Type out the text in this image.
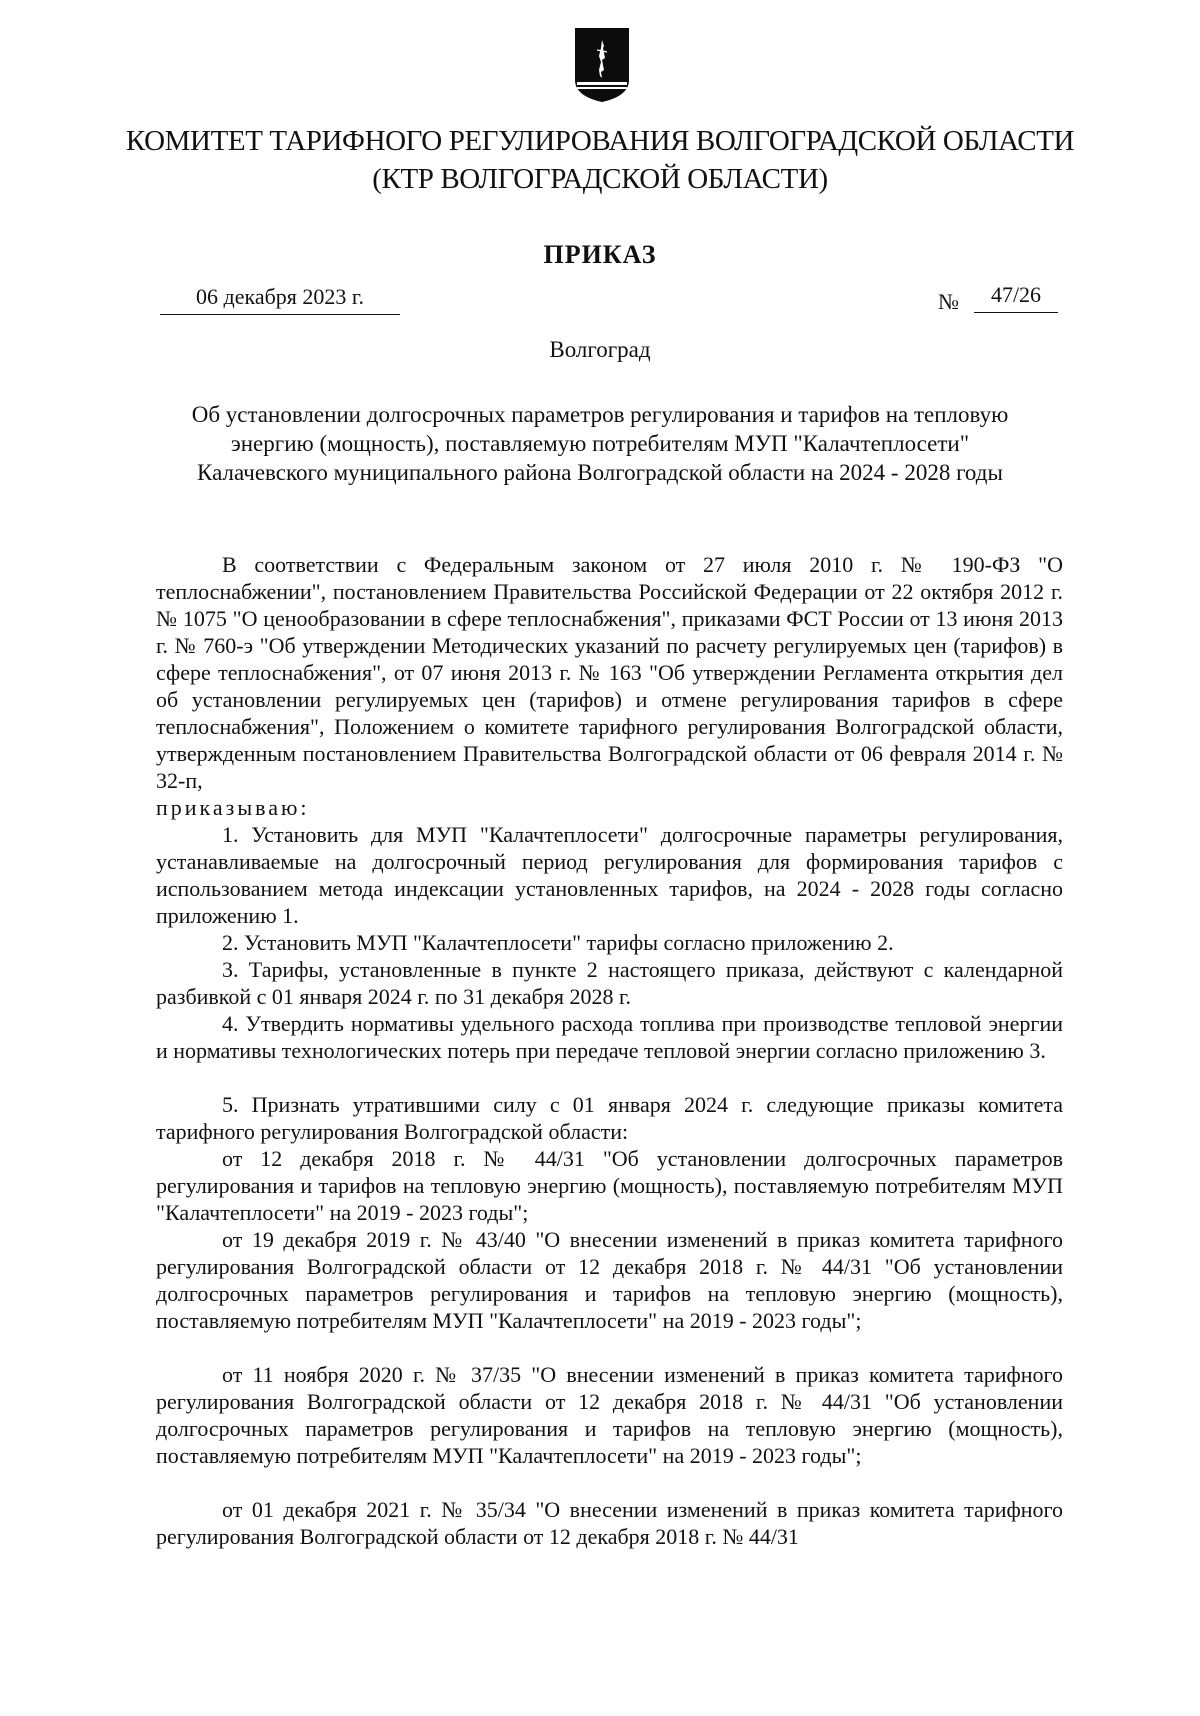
КОМИТЕТ ТАРИФНОГО РЕГУЛИРОВАНИЯ ВОЛГОГРАДСКОЙ ОБЛАСТИ
(КТР ВОЛГОГРАДСКОЙ ОБЛАСТИ)
ПРИКАЗ
06 декабря 2023 г.	№	47/26
Волгоград
Об установлении долгосрочных параметров регулирования и тарифов на тепловую
энергию (мощность), поставляемую потребителям МУП "Калачтеплосети"
Калачевского муниципального района Волгоградской области на 2024 - 2028 годы
В соответствии с Федеральным законом от 27 июля 2010 г. № 190-ФЗ "О теплоснабжении", постановлением Правительства Российской Федерации от 22 октября 2012 г. № 1075 "О ценообразовании в сфере теплоснабжения", приказами ФСТ России от 13 июня 2013 г. № 760-э "Об утверждении Методических указаний по расчету регулируемых цен (тарифов) в сфере теплоснабжения", от 07 июня 2013 г. № 163 "Об утверждении Регламента открытия дел об установлении регулируемых цен (тарифов) и отмене регулирования тарифов в сфере теплоснабжения", Положением о комитете тарифного регулирования Волгоградской области, утвержденным постановлением Правительства Волгоградской области от 06 февраля 2014 г. № 32-п,
приказываю:
1. Установить для МУП "Калачтеплосети" долгосрочные параметры регулирования, устанавливаемые на долгосрочный период регулирования для формирования тарифов с использованием метода индексации установленных тарифов, на 2024 - 2028 годы согласно приложению 1.
2. Установить МУП "Калачтеплосети" тарифы согласно приложению 2.
3. Тарифы, установленные в пункте 2 настоящего приказа, действуют с календарной разбивкой с 01 января 2024 г. по 31 декабря 2028 г.
4. Утвердить нормативы удельного расхода топлива при производстве тепловой энергии и нормативы технологических потерь при передаче тепловой энергии согласно приложению 3.
5. Признать утратившими силу с 01 января 2024 г. следующие приказы комитета тарифного регулирования Волгоградской области:
от 12 декабря 2018 г. № 44/31 "Об установлении долгосрочных параметров регулирования и тарифов на тепловую энергию (мощность), поставляемую потребителям МУП "Калачтеплосети" на 2019 - 2023 годы";
от 19 декабря 2019 г. № 43/40 "О внесении изменений в приказ комитета тарифного регулирования Волгоградской области от 12 декабря 2018 г. № 44/31 "Об установлении долгосрочных параметров регулирования и тарифов на тепловую энергию (мощность), поставляемую потребителям МУП "Калачтеплосети" на 2019 - 2023 годы";
от 11 ноября 2020 г. № 37/35 "О внесении изменений в приказ комитета тарифного регулирования Волгоградской области от 12 декабря 2018 г. № 44/31 "Об установлении долгосрочных параметров регулирования и тарифов на тепловую энергию (мощность), поставляемую потребителям МУП "Калачтеплосети" на 2019 - 2023 годы";
от 01 декабря 2021 г. № 35/34 "О внесении изменений в приказ комитета тарифного регулирования Волгоградской области от 12 декабря 2018 г. № 44/31
